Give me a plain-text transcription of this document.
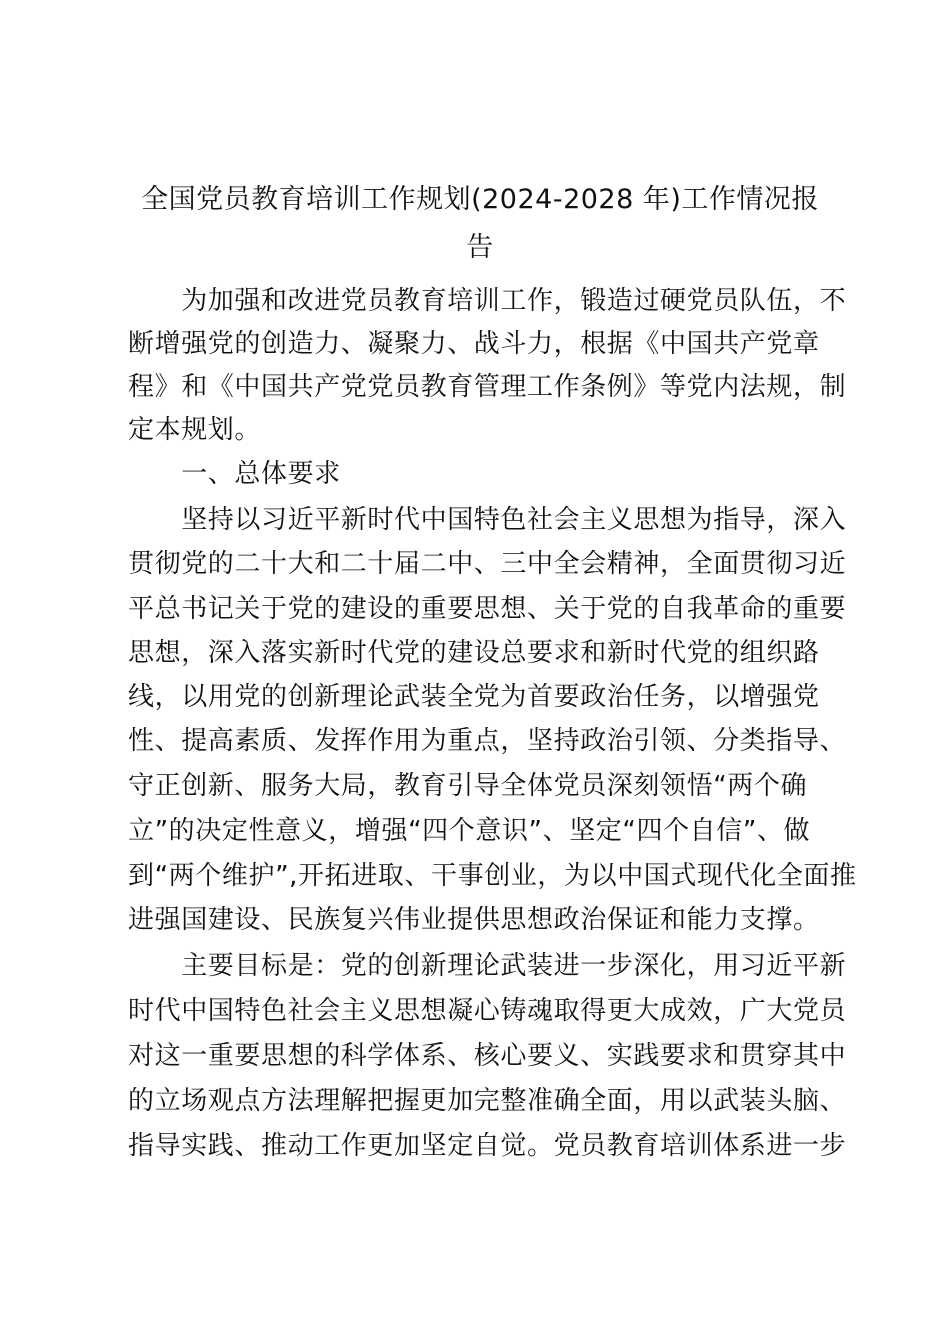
全国党员教育培训工作规划(2024-2028 年)工作情况报
告
　　为加强和改进党员教育培训工作，锻造过硬党员队伍，不
断增强党的创造力、凝聚力、战斗力，根据《中国共产党章
程》和《中国共产党党员教育管理工作条例》等党内法规，制
定本规划。
　　一、总体要求
　　坚持以习近平新时代中国特色社会主义思想为指导，深入
贯彻党的二十大和二十届二中、三中全会精神，全面贯彻习近
平总书记关于党的建设的重要思想、关于党的自我革命的重要
思想，深入落实新时代党的建设总要求和新时代党的组织路
线，以用党的创新理论武装全党为首要政治任务，以增强党
性、提高素质、发挥作用为重点，坚持政治引领、分类指导、
守正创新、服务大局，教育引导全体党员深刻领悟“两个确
立”的决定性意义，增强“四个意识”、坚定“四个自信”、做
到“两个维护”,开拓进取、干事创业，为以中国式现代化全面推
进强国建设、民族复兴伟业提供思想政治保证和能力支撑。
　　主要目标是：党的创新理论武装进一步深化，用习近平新
时代中国特色社会主义思想凝心铸魂取得更大成效，广大党员
对这一重要思想的科学体系、核心要义、实践要求和贯穿其中
的立场观点方法理解把握更加完整准确全面，用以武装头脑、
指导实践、推动工作更加坚定自觉。党员教育培训体系进一步
